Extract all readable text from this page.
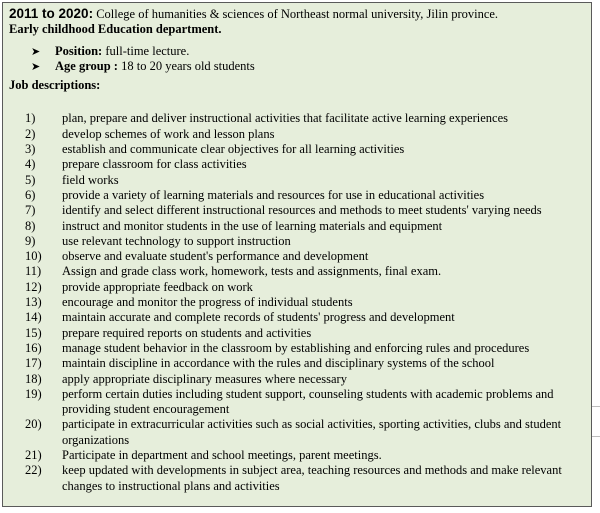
2011 to 2020: College of humanities & sciences of Northeast normal university, Jilin province.

Early childhood Education department.

➤ Position: full-time lecture.
➤ Age group : 18 to 20 years old students

Job descriptions:

1)	plan, prepare and deliver instructional activities that facilitate active learning experiences
2)	develop schemes of work and lesson plans
3)	establish and communicate clear objectives for all learning activities
4)	prepare classroom for class activities
5)	field works
6)	provide a variety of learning materials and resources for use in educational activities
7)	identify and select different instructional resources and methods to meet students' varying needs
8)	instruct and monitor students in the use of learning materials and equipment
9)	use relevant technology to support instruction
10)	observe and evaluate student's performance and development
11)	Assign and grade class work, homework, tests and assignments, final exam.
12)	provide appropriate feedback on work
13)	encourage and monitor the progress of individual students
14)	maintain accurate and complete records of students' progress and development
15)	prepare required reports on students and activities
16)	manage student behavior in the classroom by establishing and enforcing rules and procedures
17)	maintain discipline in accordance with the rules and disciplinary systems of the school
18)	apply appropriate disciplinary measures where necessary
19)	perform certain duties including student support, counseling students with academic problems and providing student encouragement
20)	participate in extracurricular activities such as social activities, sporting activities, clubs and student organizations
21)	Participate in department and school meetings, parent meetings.
22)	keep updated with developments in subject area, teaching resources and methods and make relevant changes to instructional plans and activities
